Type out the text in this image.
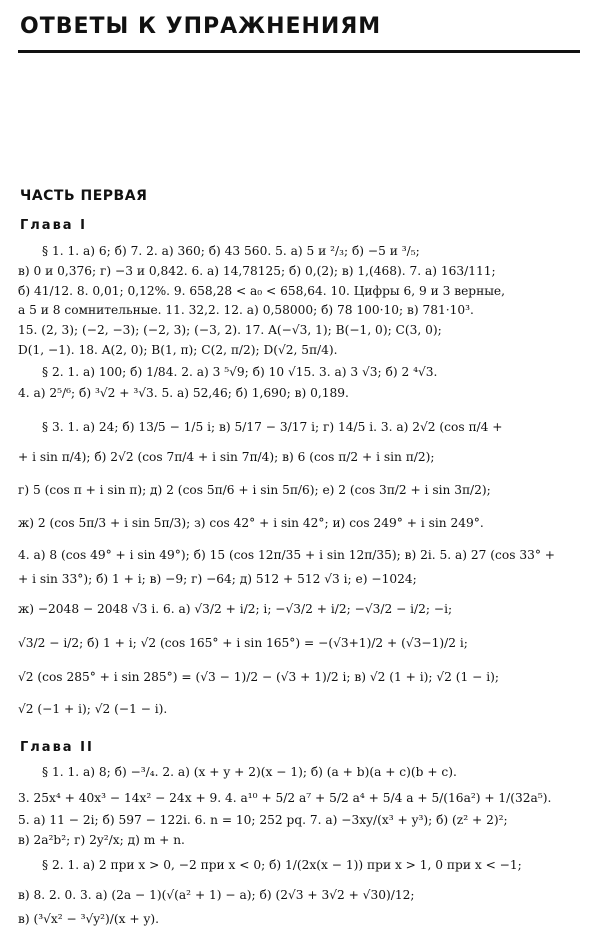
ОТВЕТЫ К УПРАЖНЕНИЯМ
ЧАСТЬ ПЕРВАЯ
Глава I
§ 1. 1. а) 6; б) 7. 2. а) 360; б) 43 560. 5. а) 5 и ²/₃; б) −5 и ³/₅;
в) 0 и 0,376; г) −3 и 0,842. 6. а) 14,78125; б) 0,(2); в) 1,(468). 7. а) 163/111;
б) 41/12. 8. 0,01; 0,12%. 9. 658,28 < a₀ < 658,64. 10. Цифры 6, 9 и 3 верные,
а 5 и 8 сомнительные. 11. 32,2. 12. а) 0,58000; б) 78 100·10; в) 781·10³.
15. (2, 3); (−2, −3); (−2, 3); (−3, 2). 17. A(−√3, 1); B(−1, 0); C(3, 0);
D(1, −1). 18. A(2, 0); B(1, π); C(2, π/2); D(√2, 5π/4).
§ 2. 1. а) 100; б) 1/84. 2. а) 3 ⁵√9; б) 10 √15. 3. а) 3 √3; б) 2 ⁴√3.
4. а) 2⁵/⁶; б) ³√2 + ³√3. 5. а) 52,46; б) 1,690; в) 0,189.
§ 3. 1. а) 24; б) 13/5 − 1/5 i; в) 5/17 − 3/17 i; г) 14/5 i. 3. а) 2√2 (cos π/4 +
+ i sin π/4); б) 2√2 (cos 7π/4 + i sin 7π/4); в) 6 (cos π/2 + i sin π/2);
г) 5 (cos π + i sin π); д) 2 (cos 5π/6 + i sin 5π/6); е) 2 (cos 3π/2 + i sin 3π/2);
ж) 2 (cos 5π/3 + i sin 5π/3); з) cos 42° + i sin 42°; и) cos 249° + i sin 249°.
4. а) 8 (cos 49° + i sin 49°); б) 15 (cos 12π/35 + i sin 12π/35); в) 2i. 5. а) 27 (cos 33° +
+ i sin 33°); б) 1 + i; в) −9; г) −64; д) 512 + 512 √3 i; е) −1024;
ж) −2048 − 2048 √3 i. 6. а) √3/2 + i/2; i; −√3/2 + i/2; −√3/2 − i/2; −i;
√3/2 − i/2; б) 1 + i; √2 (cos 165° + i sin 165°) = −(√3+1)/2 + (√3−1)/2 i;
√2 (cos 285° + i sin 285°) = (√3 − 1)/2 − (√3 + 1)/2 i; в) √2 (1 + i); √2 (1 − i);
√2 (−1 + i); √2 (−1 − i).
Глава II
§ 1. 1. а) 8; б) −³/₄. 2. а) (x + y + 2)(x − 1); б) (a + b)(a + c)(b + c).
3. 25x⁴ + 40x³ − 14x² − 24x + 9. 4. a¹⁰ + 5/2 a⁷ + 5/2 a⁴ + 5/4 a + 5/(16a²) + 1/(32a⁵).
5. а) 11 − 2i; б) 597 − 122i. 6. n = 10; 252 pq. 7. а) −3xy/(x³ + y³); б) (z² + 2)²;
в) 2a²b²; г) 2y²/x; д) m + n.
§ 2. 1. а) 2 при x > 0, −2 при x < 0; б) 1/(2x(x − 1)) при x > 1, 0 при x < −1;
в) 8. 2. 0. 3. а) (2a − 1)(√(a² + 1) − a); б) (2√3 + 3√2 + √30)/12;
в) (³√x² − ³√y²)/(x + y).
